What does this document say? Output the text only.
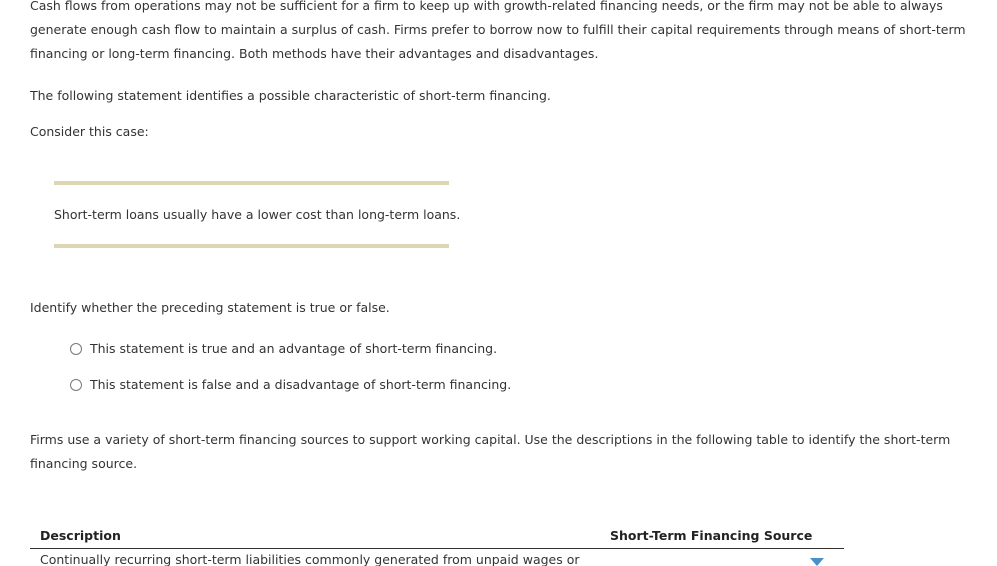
Cash flows from operations may not be sufficient for a firm to keep up with growth-related financing needs, or the firm may not be able to always
generate enough cash flow to maintain a surplus of cash. Firms prefer to borrow now to fulfill their capital requirements through means of short-term
financing or long-term financing. Both methods have their advantages and disadvantages.
The following statement identifies a possible characteristic of short-term financing.
Consider this case:
Short-term loans usually have a lower cost than long-term loans.
Identify whether the preceding statement is true or false.
This statement is true and an advantage of short-term financing.
This statement is false and a disadvantage of short-term financing.
Firms use a variety of short-term financing sources to support working capital. Use the descriptions in the following table to identify the short-term
financing source.
Description	Short-Term Financing Source
Continually recurring short-term liabilities commonly generated from unpaid wages or
